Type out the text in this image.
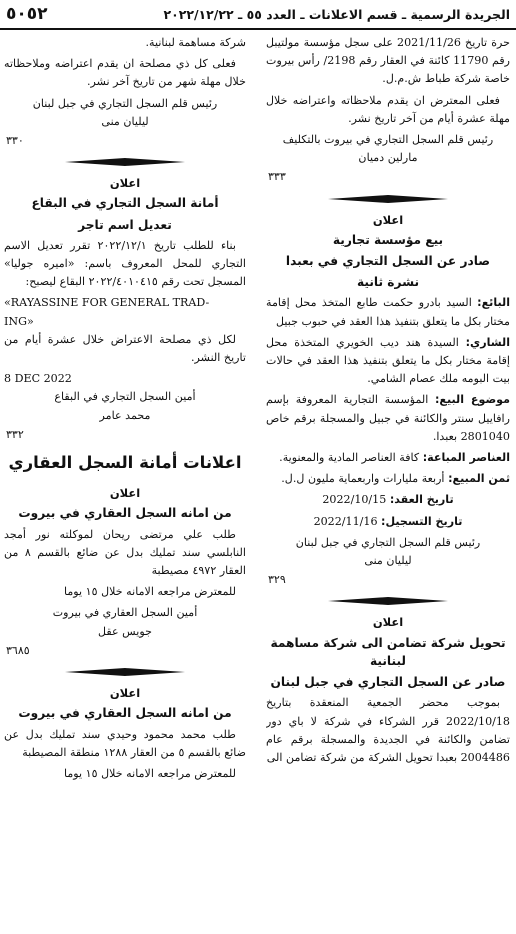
الجريدة الرسمية ـ قسم الاعلانات ـ العدد ٥٥ ـ ٢٠٢٢/١٢/٢٢
٥٠٥٢

حرة تاريخ 2021/11/26 على سجل مؤسسة مولتيبل رقم 11790 كائنة في العقار رقم 2198/ رأس بيروت خاصة شركة طباط ش.م.ل.

فعلى المعترض ان يقدم ملاحظاته واعتراضه خلال مهلة عشرة أيام من آخر تاريخ نشر.

رئيس قلم السجل التجاري في بيروت بالتكليف
مارلين دميان
٣٣٣
اعلان
بيع مؤسسة تجارية
صادر عن السجل التجاري في بعبدا
نشرة ثانية

البائع: السيد بادرو حكمت طابع المتخذ محل إقامة مختار بكل ما يتعلق بتنفيذ هذا العقد في حبوب جبيل

الشاري: السيدة هند ديب الخويري المتخذة محل إقامة مختار بكل ما يتعلق بتنفيذ هذا العقد في حالات بيت البومه ملك عصام الشامي.

موضوع البيع: المؤسسة التجارية المعروفة بإسم رافاييل سنتر والكائنة في جبيل والمسجلة برقم خاص 2801040 بعبدا.

العناصر المباعة: كافة العناصر المادية والمعنوية.

ثمن المبيع: أربعة مليارات واربعماية مليون ل.ل.

تاريخ العقد: 2022/10/15

تاريخ التسجيل: 2022/11/16

رئيس قلم السجل التجاري في جبل لبنان
ليليان منى
٣٢٩
اعلان
تحويل شركة تضامن الى شركة مساهمة لبنانية
صادر عن السجل التجاري في جبل لبنان

بموجب محضر الجمعية المنعقدة بتاريخ 2022/10/18 قرر الشركاء في شركة لا باي دور تضامن والكائنة في الجديدة والمسجلة برقم عام 2004486 بعبدا تحويل الشركة من شركة تضامن الى

شركة مساهمة لبنانية.

فعلى كل ذي مصلحة ان يقدم اعتراضه وملاحظاته خلال مهلة شهر من تاريخ آخر نشر.

رئيس قلم السجل التجاري في جبل لبنان
ليليان منى
٣٣٠
اعلان
أمانة السجل التجاري في البقاع
تعديل اسم تاجر

بناء للطلب تاريخ ٢٠٢٢/١٢/١ تقرر تعديل الاسم التجاري للمحل المعروف باسم: «اميره جوليا» المسجل تحت رقم ٢٠٢٢/٤٠١٠٤١٥ البقاع ليصبح:

«RAYASSINE FOR GENERAL TRAD-
ING»

لكل ذي مصلحة الاعتراض خلال عشرة أيام من تاريخ النشر.

8 DEC 2022
أمين السجل التجاري في البقاع
محمد عامر
٣٣٢
اعلانات أمانة السجل العقاري
اعلان
من امانه السجل العقاري في بيروت

طلب علي مرتضى ريحان لموكلته نور أمجد النابلسي سند تمليك بدل عن ضائع بالقسم ٨ من العقار ٤٩٧٢ مصيطبة

للمعترض مراجعه الامانه خلال ١٥ يوما

أمين السجل العقاري في بيروت
جويس عقل
٣٦٨٥
اعلان
من امانه السجل العقاري في بيروت

طلب محمد محمود وحيدي سند تمليك بدل عن ضائع بالقسم ٥ من العقار ١٢٨٨ منطقة المصيطبة

للمعترض مراجعه الامانه خلال ١٥ يوما
